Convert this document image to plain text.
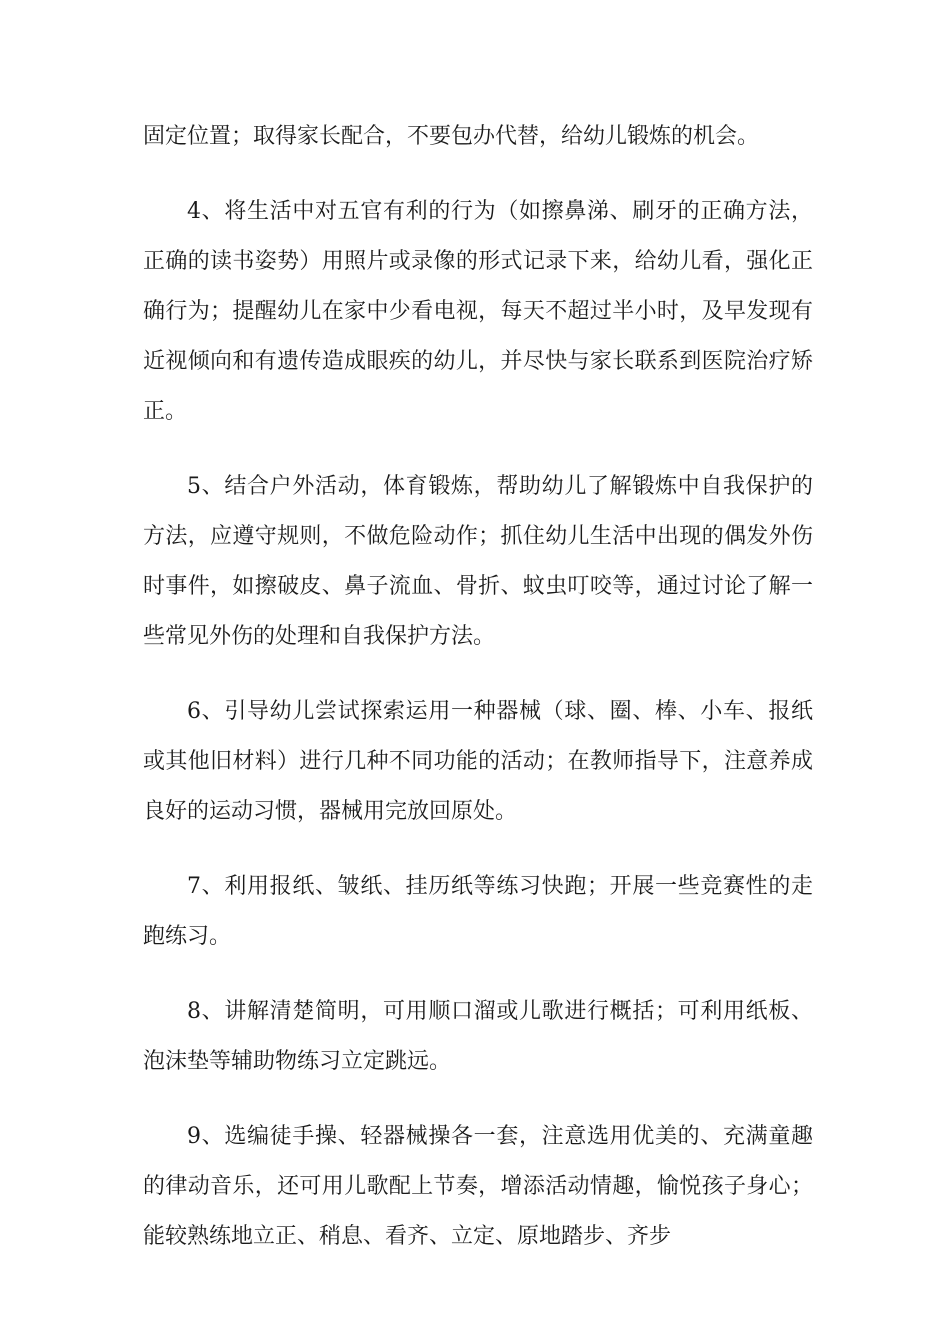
固定位置；取得家长配合，不要包办代替，给幼儿锻炼的机会。

4、将生活中对五官有利的行为（如擦鼻涕、刷牙的正确方法，正确的读书姿势）用照片或录像的形式记录下来，给幼儿看，强化正确行为；提醒幼儿在家中少看电视，每天不超过半小时，及早发现有近视倾向和有遗传造成眼疾的幼儿，并尽快与家长联系到医院治疗矫正。

5、结合户外活动，体育锻炼，帮助幼儿了解锻炼中自我保护的方法，应遵守规则，不做危险动作；抓住幼儿生活中出现的偶发外伤时事件，如擦破皮、鼻子流血、骨折、蚊虫叮咬等，通过讨论了解一些常见外伤的处理和自我保护方法。

6、引导幼儿尝试探索运用一种器械（球、圈、棒、小车、报纸或其他旧材料）进行几种不同功能的活动；在教师指导下，注意养成良好的运动习惯，器械用完放回原处。

7、利用报纸、皱纸、挂历纸等练习快跑；开展一些竞赛性的走跑练习。

8、讲解清楚简明，可用顺口溜或儿歌进行概括；可利用纸板、泡沫垫等辅助物练习立定跳远。

9、选编徒手操、轻器械操各一套，注意选用优美的、充满童趣的律动音乐，还可用儿歌配上节奏，增添活动情趣，愉悦孩子身心；能较熟练地立正、稍息、看齐、立定、原地踏步、齐步
